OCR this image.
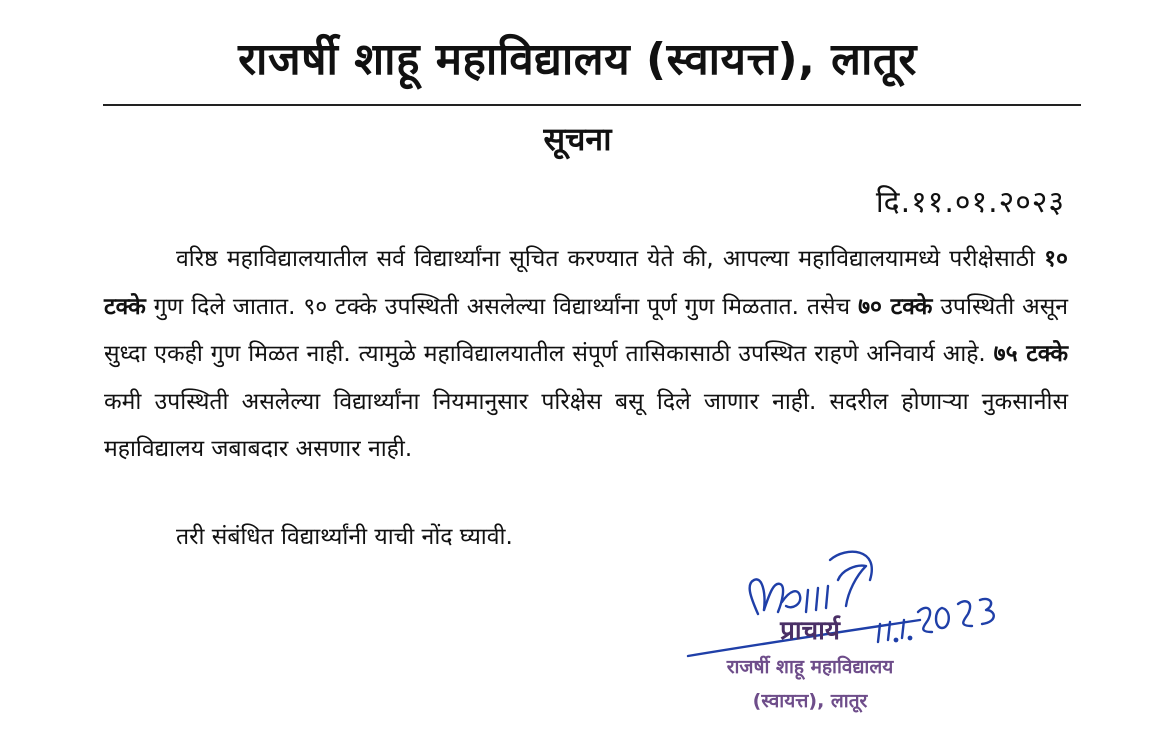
राजर्षी शाहू महाविद्यालय (स्वायत्त), लातूर
सूचना
दि.११.०१.२०२३
वरिष्ठ महाविद्यालयातील सर्व विद्यार्थ्यांना सूचित करण्यात येते की, आपल्या महाविद्यालयामध्ये परीक्षेसाठी १० टक्के गुण दिले जातात. ९० टक्के उपस्थिती असलेल्या विद्यार्थ्यांना पूर्ण गुण मिळतात. तसेच ७० टक्के उपस्थिती असून सुध्दा एकही गुण मिळत नाही. त्यामुळे महाविद्यालयातील संपूर्ण तासिकासाठी उपस्थित राहणे अनिवार्य आहे. ७५ टक्के कमी उपस्थिती असलेल्या विद्यार्थ्यांना नियमानुसार परिक्षेस बसू दिले जाणार नाही. सदरील होणाऱ्या नुकसानीस महाविद्यालय जबाबदार असणार नाही.
तरी संबंधित विद्यार्थ्यांनी याची नोंद घ्यावी.
प्राचार्य
राजर्षी शाहू महाविद्यालय
(स्वायत्त), लातूर
